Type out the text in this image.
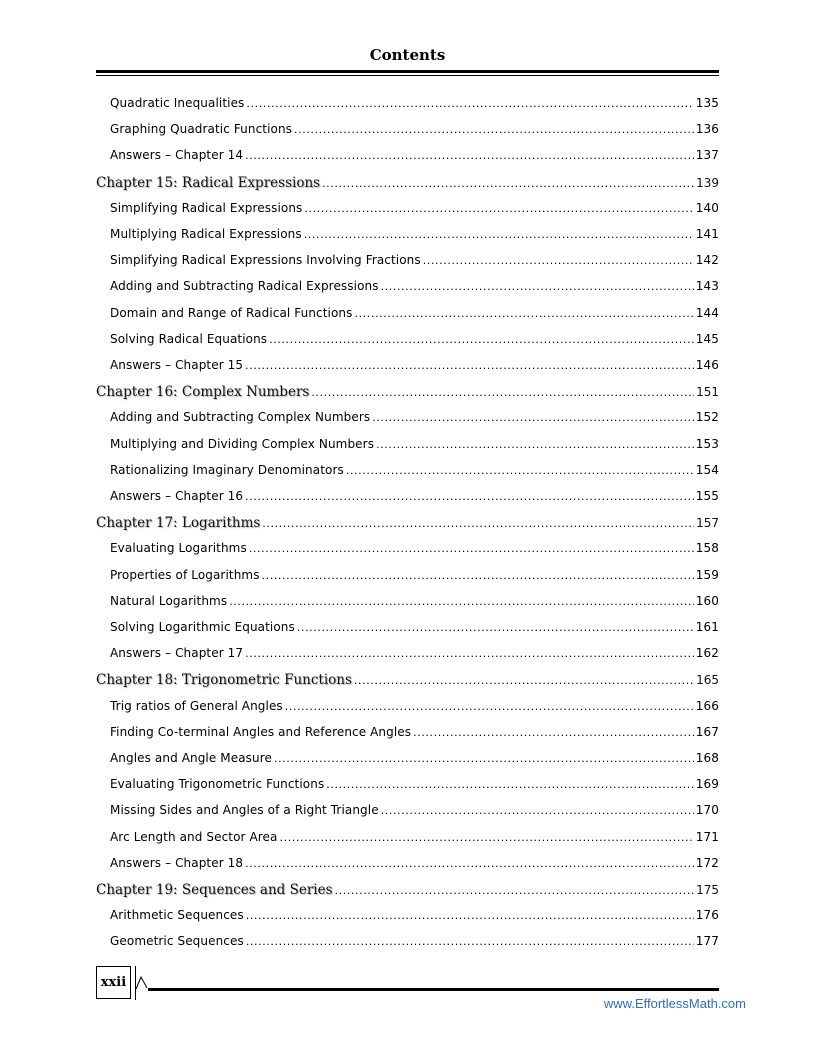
Contents
Quadratic Inequalities .....	135
Graphing Quadratic Functions .....	136
Answers – Chapter 14 .....	137
Chapter 15: Radical Expressions .....	139
Simplifying Radical Expressions .....	140
Multiplying Radical Expressions .....	141
Simplifying Radical Expressions Involving Fractions .....	142
Adding and Subtracting Radical Expressions .....	143
Domain and Range of Radical Functions .....	144
Solving Radical Equations .....	145
Answers – Chapter 15 .....	146
Chapter 16: Complex Numbers .....	151
Adding and Subtracting Complex Numbers .....	152
Multiplying and Dividing Complex Numbers .....	153
Rationalizing Imaginary Denominators .....	154
Answers – Chapter 16 .....	155
Chapter 17: Logarithms .....	157
Evaluating Logarithms .....	158
Properties of Logarithms .....	159
Natural Logarithms .....	160
Solving Logarithmic Equations .....	161
Answers – Chapter 17 .....	162
Chapter 18: Trigonometric Functions .....	165
Trig ratios of General Angles .....	166
Finding Co-terminal Angles and Reference Angles .....	167
Angles and Angle Measure .....	168
Evaluating Trigonometric Functions .....	169
Missing Sides and Angles of a Right Triangle .....	170
Arc Length and Sector Area .....	171
Answers – Chapter 18 .....	172
Chapter 19: Sequences and Series .....	175
Arithmetic Sequences .....	176
Geometric Sequences .....	177
xxii
www.EffortlessMath.com
